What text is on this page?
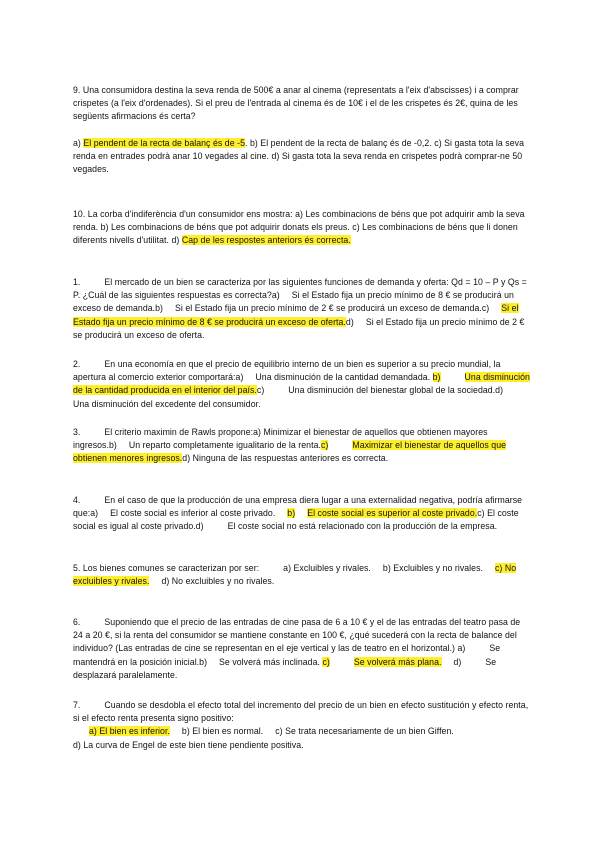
9. Una consumidora destina la seva renda de 500€ a anar al cinema (representats a l'eix d'abscisses) i a comprar crispetes (a l'eix d'ordenades). Si el preu de l'entrada al cinema és de 10€ i el de les crispetes és 2€, quina de les següents afirmacions és certa?
a) El pendent de la recta de balanç és de -5. b) El pendent de la recta de balanç és de -0,2. c) Si gasta tota la seva renda en entrades podrà anar 10 vegades al cine. d) Si gasta tota la seva renda en crispetes podrà comprar-ne 50 vegades.
10. La corba d'indiferència d'un consumidor ens mostra: a) Les combinacions de béns que pot adquirir amb la seva renda. b) Les combinacions de béns que pot adquirir donats els preus. c) Les combinacions de béns que li donen diferents nivells d'utilitat. d) Cap de les respostes anteriors és correcta.
1.	El mercado de un bien se caracteriza por las siguientes funciones de demanda y oferta: Qd = 10 – P y Qs = P. ¿Cuál de las siguientes respuestas es correcta?a) Si el Estado fija un precio mínimo de 8 € se producirá un exceso de demanda.b) Si el Estado fija un precio mínimo de 2 € se producirá un exceso de demanda.c) Si el Estado fija un precio mínimo de 8 € se producirá un exceso de oferta.d) Si el Estado fija un precio mínimo de 2 € se producirá un exceso de oferta.
2.	En una economía en que el precio de equilibrio interno de un bien es superior a su precio mundial, la apertura al comercio exterior comportará:a) Una disminución de la cantidad demandada. b)	Una disminución de la cantidad producida en el interior del país.c)	Una disminución del bienestar global de la sociedad.d)Una disminución del excedente del consumidor.
3.	El criterio maximin de Rawls propone:a) Minimizar el bienestar de aquellos que obtienen mayores ingresos.b) Un reparto completamente igualitario de la renta.c)	Maximizar el bienestar de aquellos que obtienen menores ingresos.d) Ninguna de las respuestas anteriores es correcta.
4.	En el caso de que la producción de una empresa diera lugar a una externalidad negativa, podría afirmarse que:a) El coste social es inferior al coste privado. b) El coste social es superior al coste privado.c) El coste social es igual al coste privado.d)	El coste social no está relacionado con la producción de la empresa.
5. Los bienes comunes se caracterizan por ser:	a) Excluibles y rivales. b) Excluibles y no rivales. c) No excluibles y rivales. d) No excluibles y no rivales.
6.	Suponiendo que el precio de las entradas de cine pasa de 6 a 10 € y el de las entradas del teatro pasa de 24 a 20 €, si la renta del consumidor se mantiene constante en 100 €, ¿qué sucederá con la recta de balance del individuo? (Las entradas de cine se representan en el eje vertical y las de teatro en el horizontal.) a)	Se mantendrá en la posición inicial.b) Se volverá más inclinada. c)	Se volverá más plana. d)	Se desplazará paralelamente.
7.	Cuando se desdobla el efecto total del incremento del precio de un bien en efecto sustitución y efecto renta, si el efecto renta presenta signo positivo:
a) El bien es inferior. b) El bien es normal. c) Se trata necesariamente de un bien Giffen.
d) La curva de Engel de este bien tiene pendiente positiva.
